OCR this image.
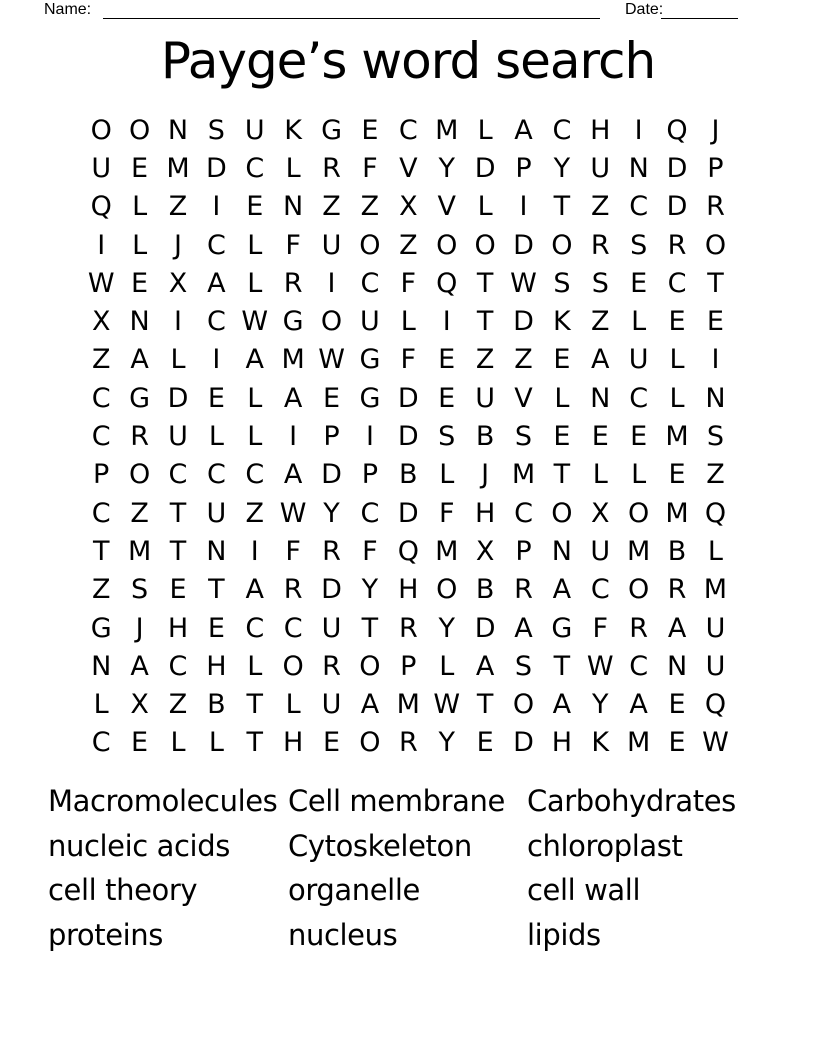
Name:	Date:
Payge’s word search
O O N S U K G E C M L A C H I Q J
U E M D C L R F V Y D P Y U N D P
Q L Z I E N Z Z X V L I T Z C D R
I L J C L F U O Z O O D O R S R O
W E X A L R I C F Q T W S S E C T
X N I C W G O U L I T D K Z L E E
Z A L I A M W G F E Z Z E A U L I
C G D E L A E G D E U V L N C L N
C R U L L I P I D S B S E E E M S
P O C C C A D P B L J M T L L E Z
C Z T U Z W Y C D F H C O X O M Q
T M T N I F R F Q M X P N U M B L
Z S E T A R D Y H O B R A C O R M
G J H E C C U T R Y D A G F R A U
N A C H L O R O P L A S T W C N U
L X Z B T L U A M W T O A Y A E Q
C E L L T H E O R Y E D H K M E W
Macromolecules
nucleic acids
cell theory
proteins
Cell membrane
Cytoskeleton
organelle
nucleus
Carbohydrates
chloroplast
cell wall
lipids
